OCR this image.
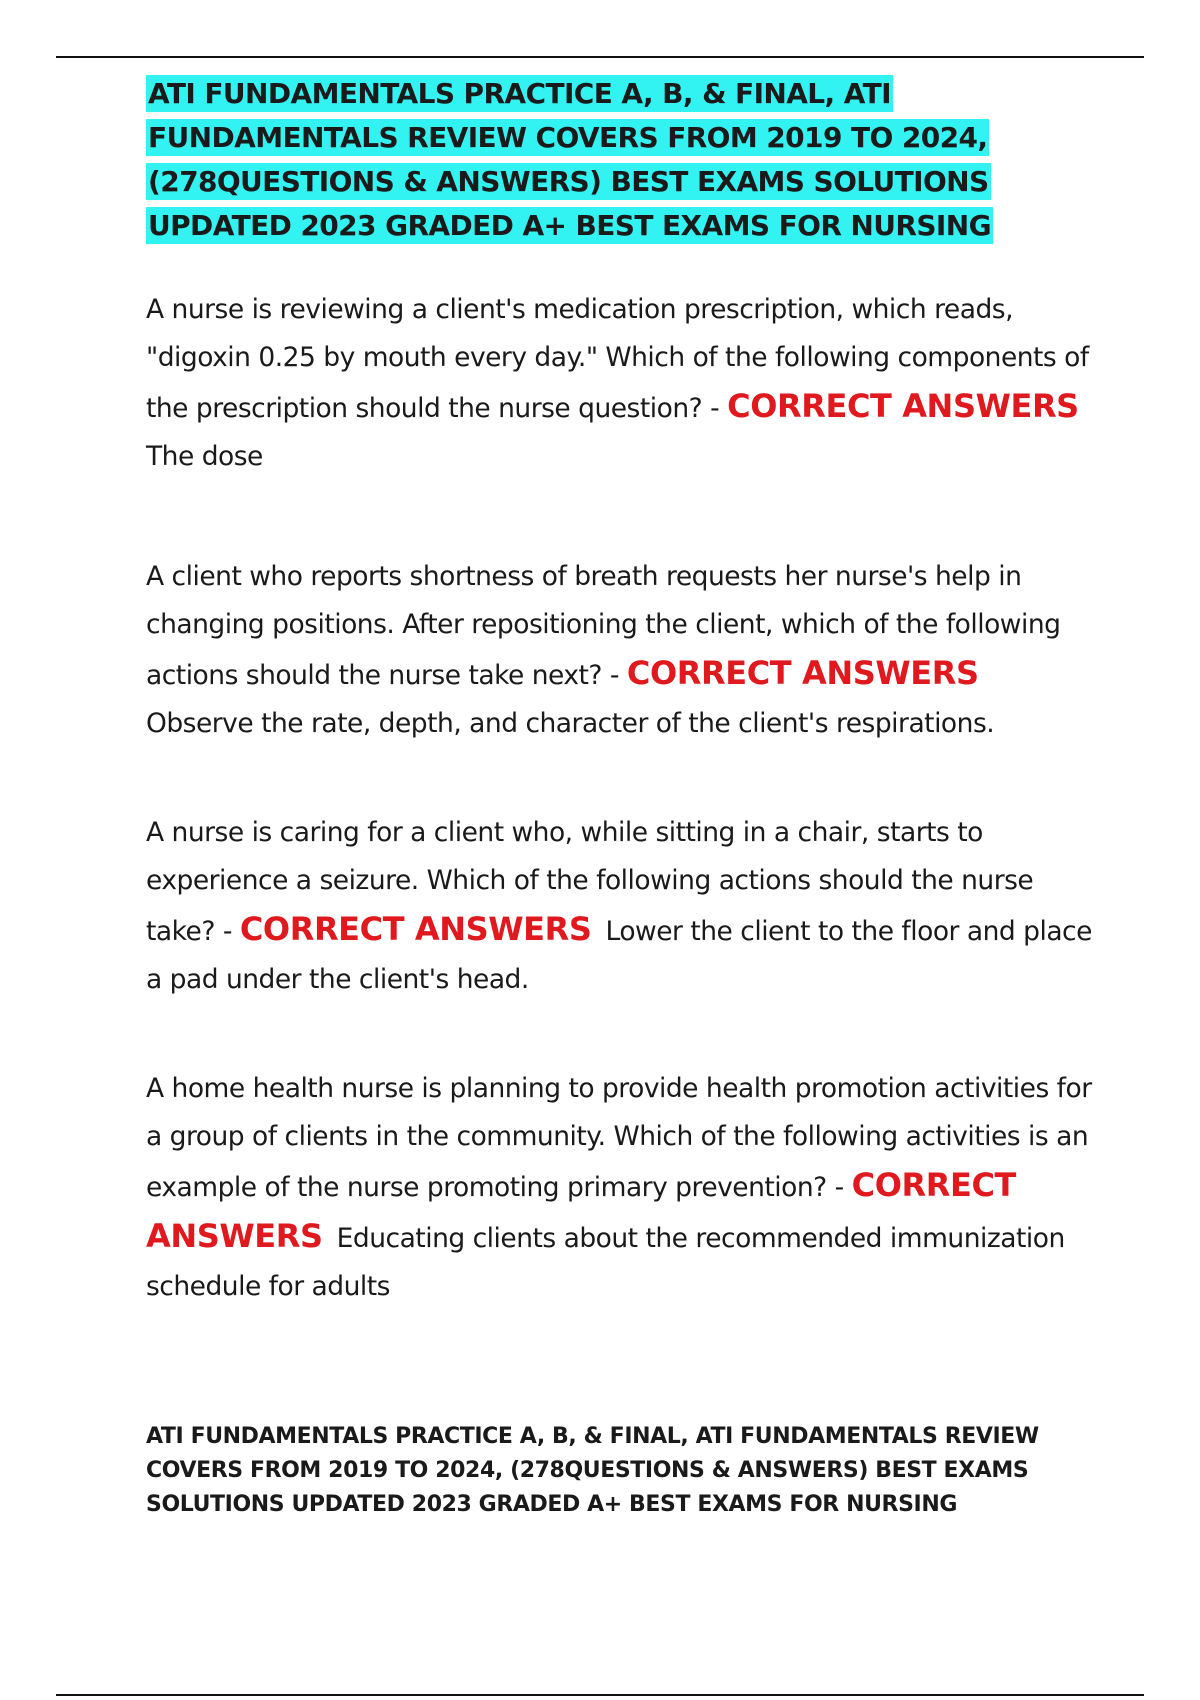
ATI FUNDAMENTALS PRACTICE A, B, & FINAL, ATI FUNDAMENTALS REVIEW COVERS FROM 2019 TO 2024, (278QUESTIONS & ANSWERS) BEST EXAMS SOLUTIONS UPDATED 2023 GRADED A+ BEST EXAMS FOR NURSING

A nurse is reviewing a client's medication prescription, which reads, "digoxin 0.25 by mouth every day." Which of the following components of the prescription should the nurse question? - CORRECT ANSWERSThe dose

A client who reports shortness of breath requests her nurse's help in changing positions. After repositioning the client, which of the following actions should the nurse take next? - CORRECT ANSWERS
Observe the rate, depth, and character of the client's respirations.

A nurse is caring for a client who, while sitting in a chair, starts to experience a seizure. Which of the following actions should the nurse take? - CORRECT ANSWERS Lower the client to the floor and place a pad under the client's head.

A home health nurse is planning to provide health promotion activities for a group of clients in the community. Which of the following activities is an example of the nurse promoting primary prevention? - CORRECT ANSWERS Educating clients about the recommended immunization schedule for adults

ATI FUNDAMENTALS PRACTICE A, B, & FINAL, ATI FUNDAMENTALS REVIEW COVERS FROM 2019 TO 2024, (278QUESTIONS & ANSWERS) BEST EXAMS SOLUTIONS UPDATED 2023 GRADED A+ BEST EXAMS FOR NURSING
